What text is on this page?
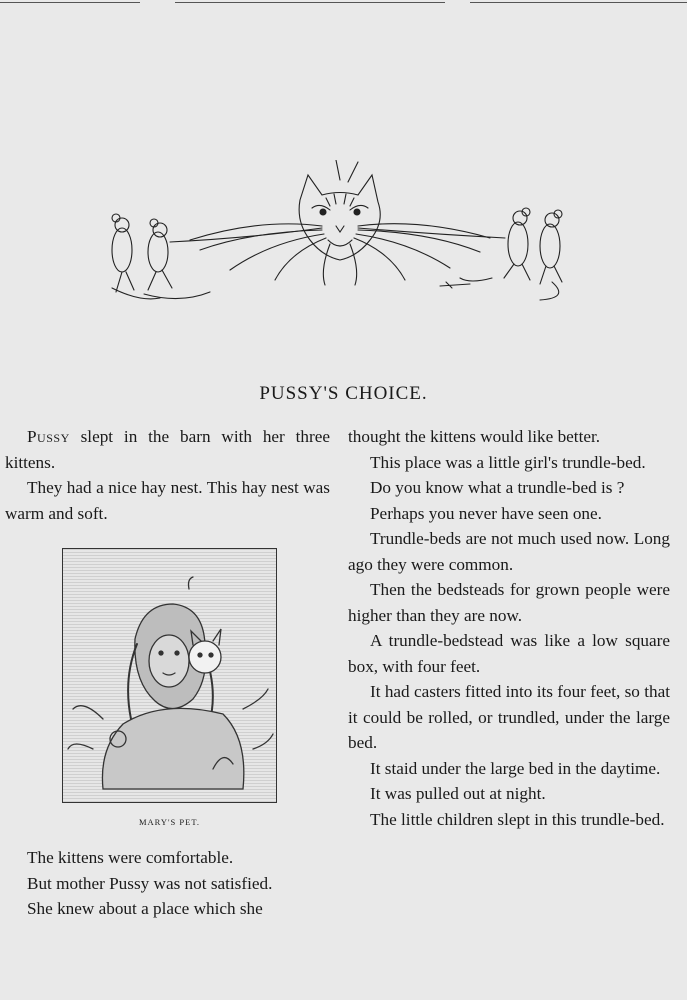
PUSSY'S CHOICE.

Pussy slept in the barn with her three kittens.

They had a nice hay nest. This hay nest was warm and soft.

MARY'S PET.

The kittens were comfortable.

But mother Pussy was not satisfied.

She knew about a place which she

thought the kittens would like better.

This place was a little girl's trundle-bed.

Do you know what a trundle-bed is ?

Perhaps you never have seen one.

Trundle-beds are not much used now. Long ago they were common.

Then the bedsteads for grown people were higher than they are now.

A trundle-bedstead was like a low square box, with four feet.

It had casters fitted into its four feet, so that it could be rolled, or trundled, under the large bed.

It staid under the large bed in the daytime.

It was pulled out at night.

The little children slept in this trundle-bed.
